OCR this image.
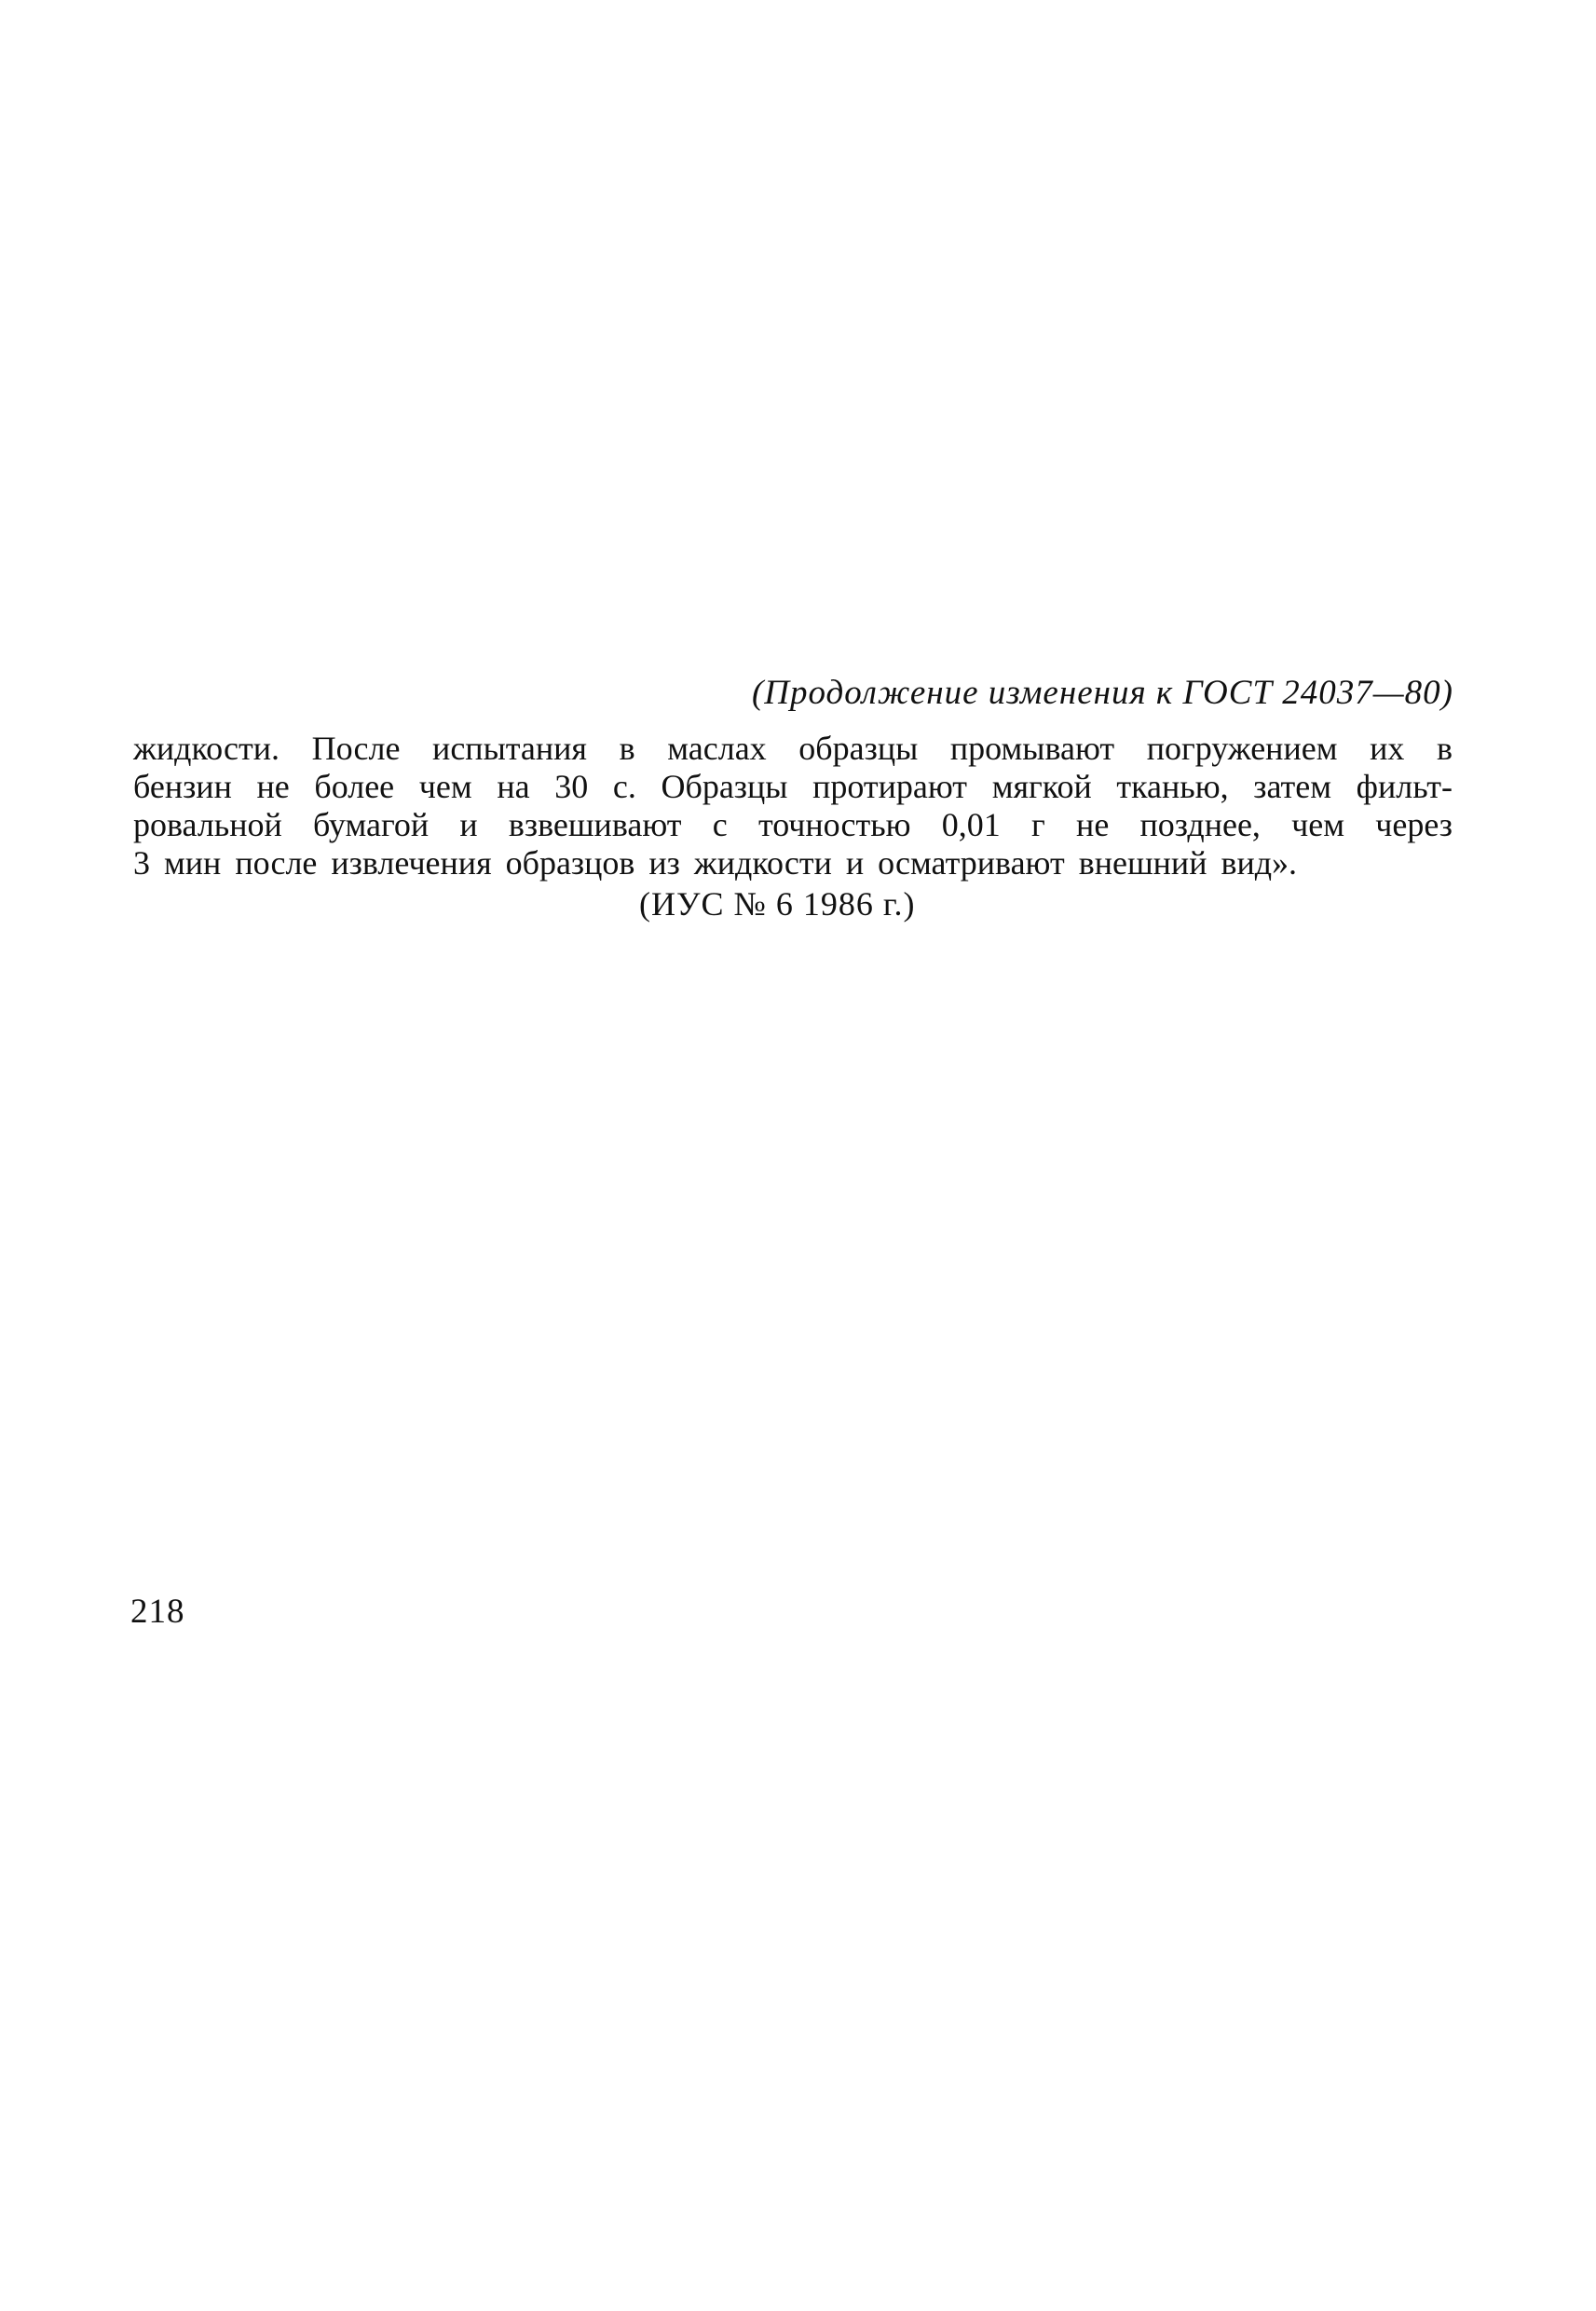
(Продолжение изменения к ГОСТ 24037—80)
жидкости. После испытания в маслах образцы промывают погружением их в
бензин не более чем на 30 с. Образцы протирают мягкой тканью, затем фильт-
ровальной бумагой и взвешивают с точностью 0,01 г не позднее, чем через
3 мин после извлечения образцов из жидкости и осматривают внешний вид».
(ИУС № 6 1986 г.)
218
